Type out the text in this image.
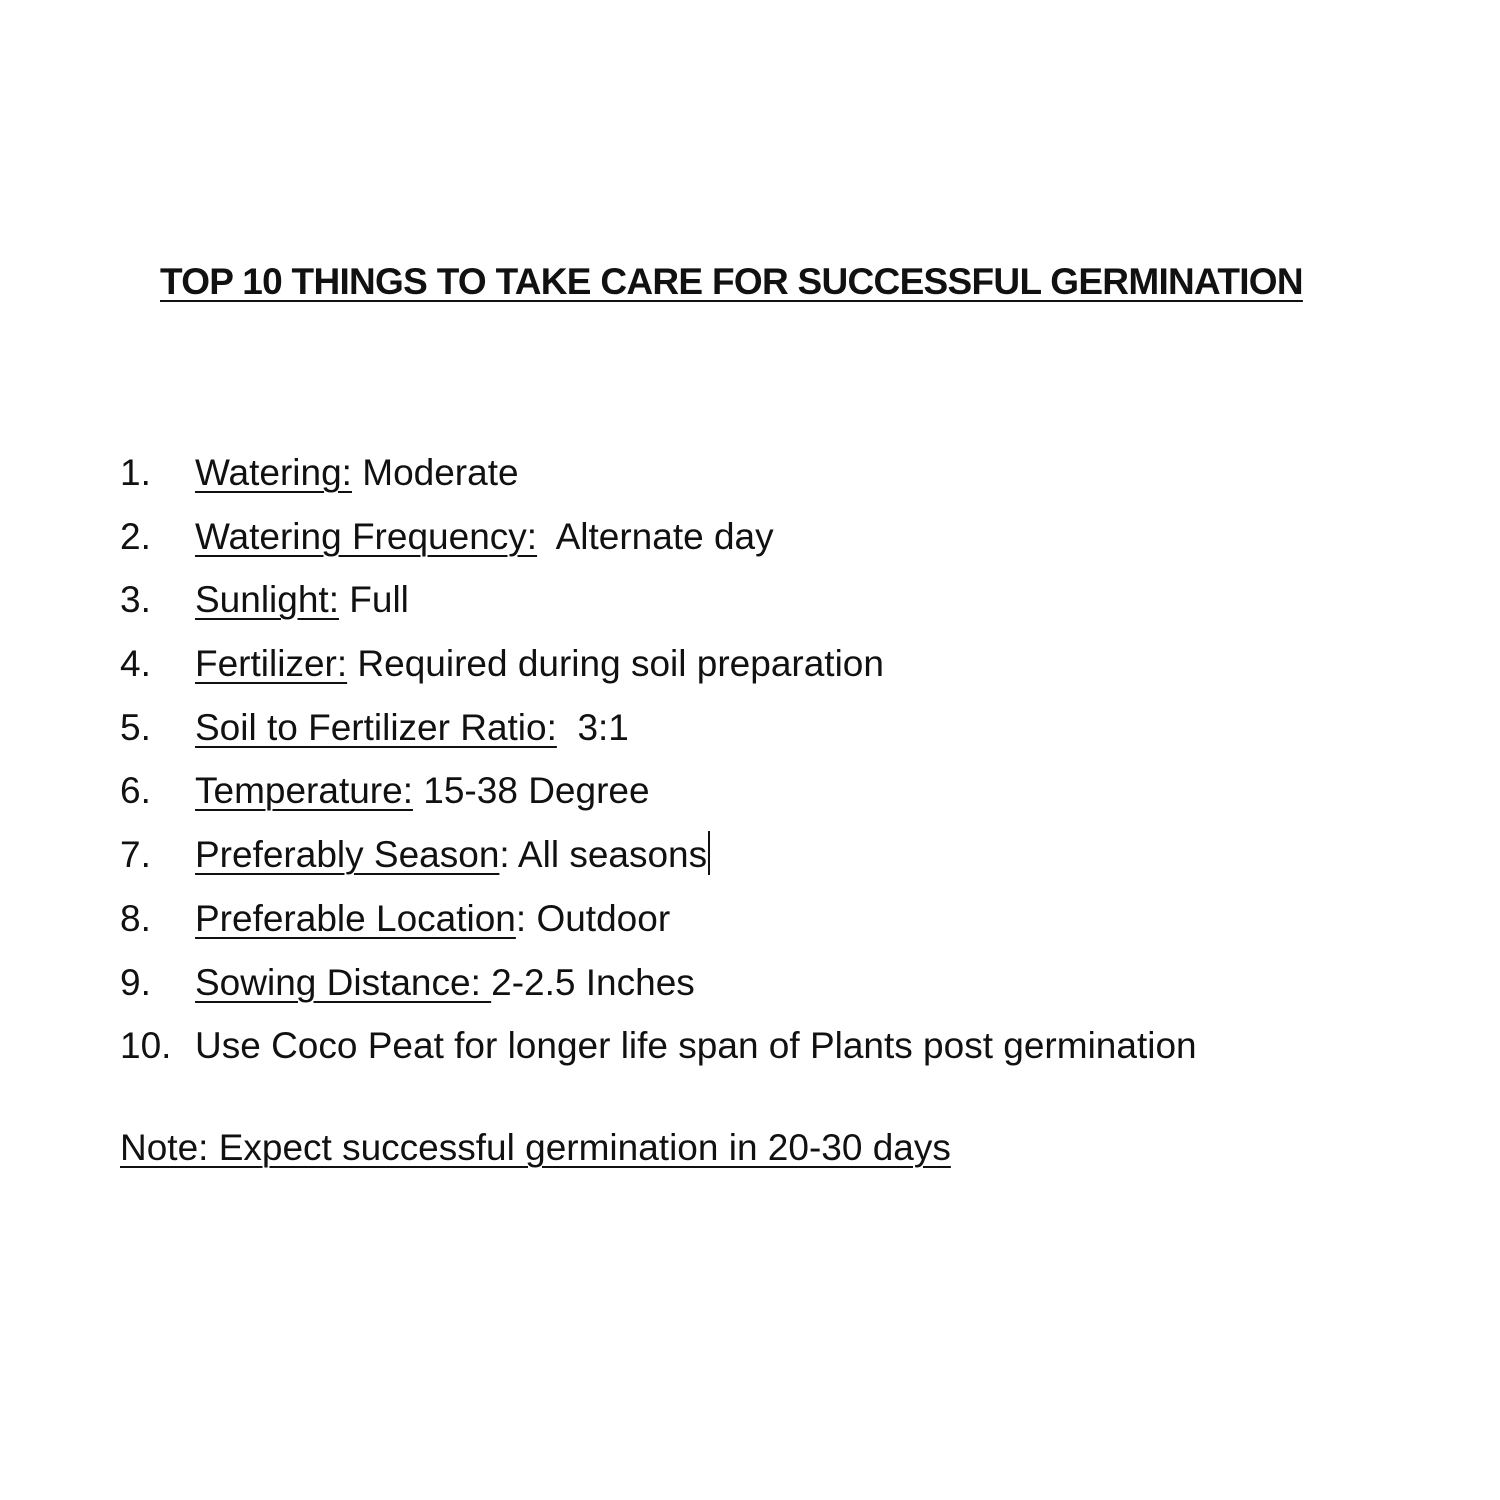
TOP 10 THINGS TO TAKE CARE FOR SUCCESSFUL GERMINATION
1.	Watering: Moderate
2.	Watering Frequency:  Alternate day
3.	Sunlight: Full
4.	Fertilizer: Required during soil preparation
5.	Soil to Fertilizer Ratio:  3:1
6.	Temperature: 15-38 Degree
7.	Preferably Season: All seasons
8.	Preferable Location: Outdoor
9.	Sowing Distance: 2-2.5 Inches
10. Use Coco Peat for longer life span of Plants post germination

Note: Expect successful germination in 20-30 days
